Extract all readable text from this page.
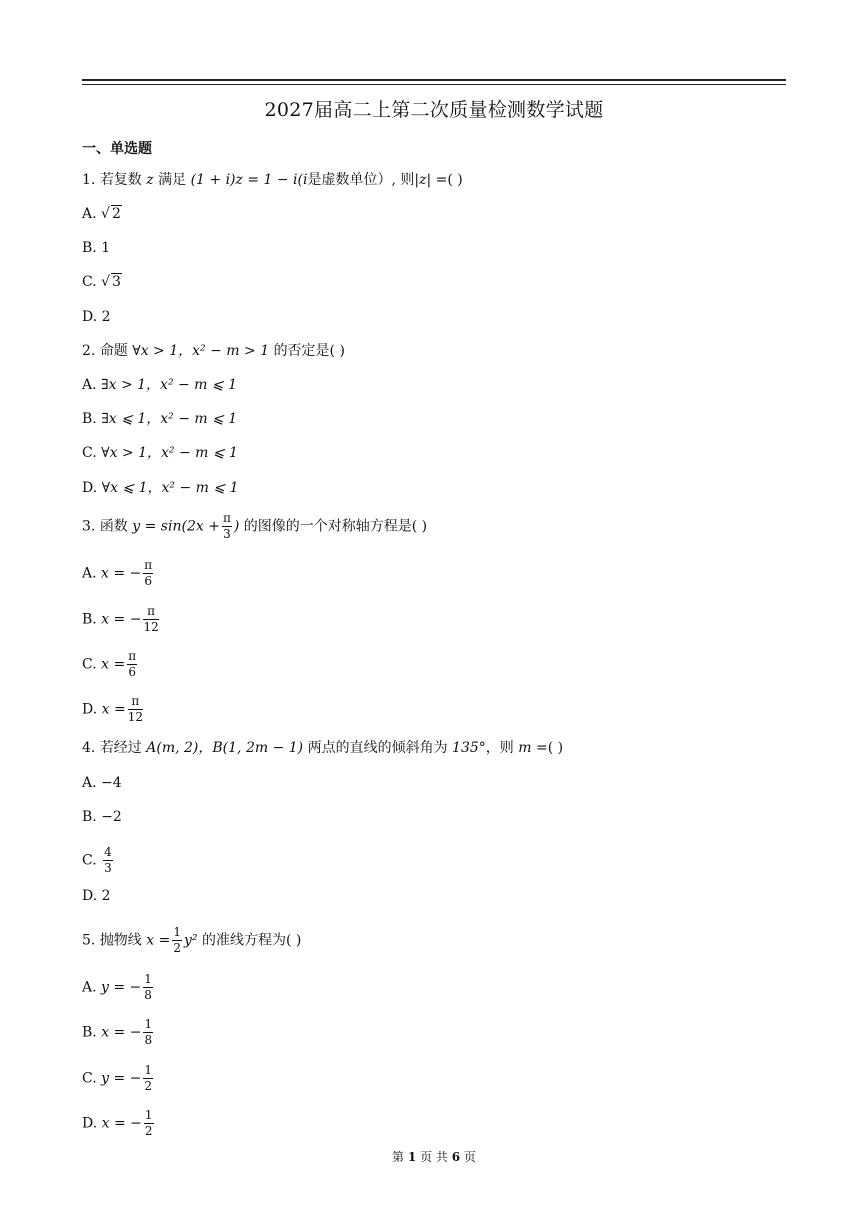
2027届高二上第二次质量检测数学试题
一、单选题
1. 若复数 z 满足 (1 + i)z = 1 − i(i是虚数单位）, 则|z| =( )
A. √ 2
B. 1
C. √ 3
D. 2
2. 命题 ∀x > 1，x² − m > 1 的否定是( )
A. ∃x > 1，x² − m ⩽ 1
B. ∃x ⩽ 1，x² − m ⩽ 1
C. ∀x > 1，x² − m ⩽ 1
D. ∀x ⩽ 1，x² − m ⩽ 1
3. 函数 $y = \sin(2x + \frac{\pi}{3}$ ) 的图像的一个对称轴方程是( )
A. x = − $\frac{\pi}{6}$
B. x = − $\frac{\pi}{12}$
C. $x = \frac{\pi}{6}$
D. $x = \frac{\pi}{12}$
4. 若经过 A(m, 2)，B(1, 2m − 1) 两点的直线的倾斜角为 135°，则 m =( )
A. −4
B. −2
C. $\frac{4}{3}$
D. 2
5. 抛物线 $x = \frac{1}{2} y^2$ 的准线方程为( )
A. y = − $\frac{1}{8}$
B. x = − $\frac{1}{8}$
C. y = − $\frac{1}{2}$
D. x = − $\frac{1}{2}$
第 1 页 共 6 页
